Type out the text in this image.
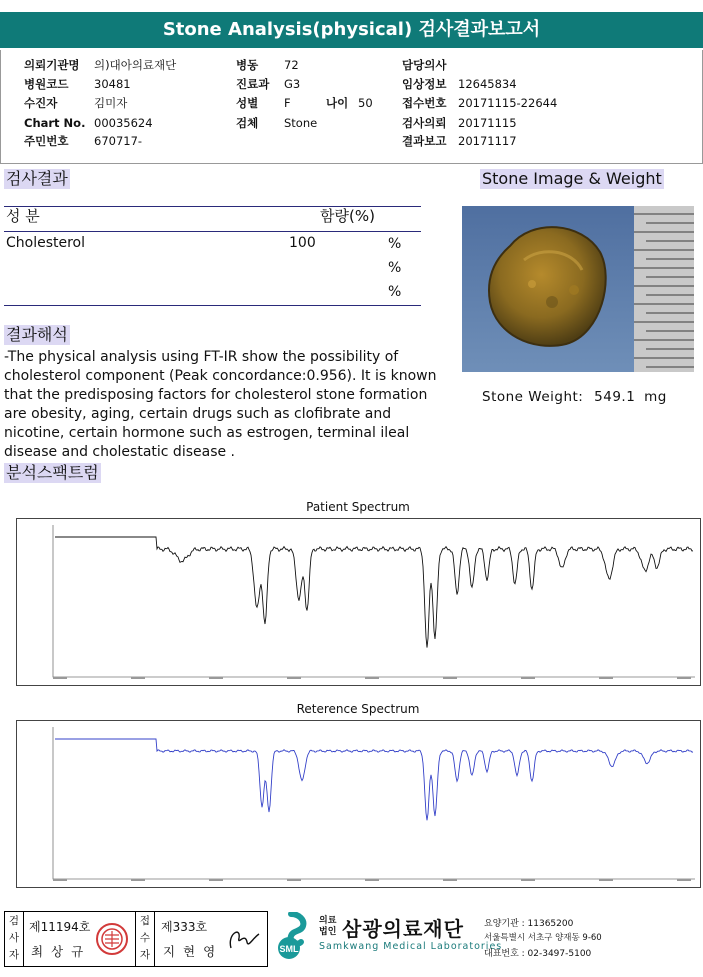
Stone Analysis(physical) 검사결과보고서
의뢰기관명 의)대아의료재단
병원코드 30481
수진자	김미자
Chart No. 00035624
주민번호 670717-
병동 72
진료과 G3
성별 F	나이 50
검체 Stone
담당의사
임상정보 12645834
접수번호 20171115-22644
검사의뢰 20171115
결과보고 20171117
검사결과
성 분	함량(%)
Cholesterol	100	%
%
%
Stone Image & Weight
Stone Weight: 549.1 mg
결과해석
-The physical analysis using FT-IR show the possibility of cholesterol component (Peak concordance:0.956). It is known that the predisposing factors for cholesterol stone formation are obesity, aging, certain drugs such as clofibrate and nicotine, certain hormone such as estrogen, terminal ileal disease and cholestatic disease .
분석스팩트럼
Patient Spectrum
Reterence Spectrum
검사자
제11194호
최 상 규
접수자
제333호
지 현 영	SML
의료
법인 삼광의료재단
Samkwang Medical Laboratories
요양기관 : 11365200
서울특별시 서초구 양재동 9-60
대표번호 : 02-3497-5100
